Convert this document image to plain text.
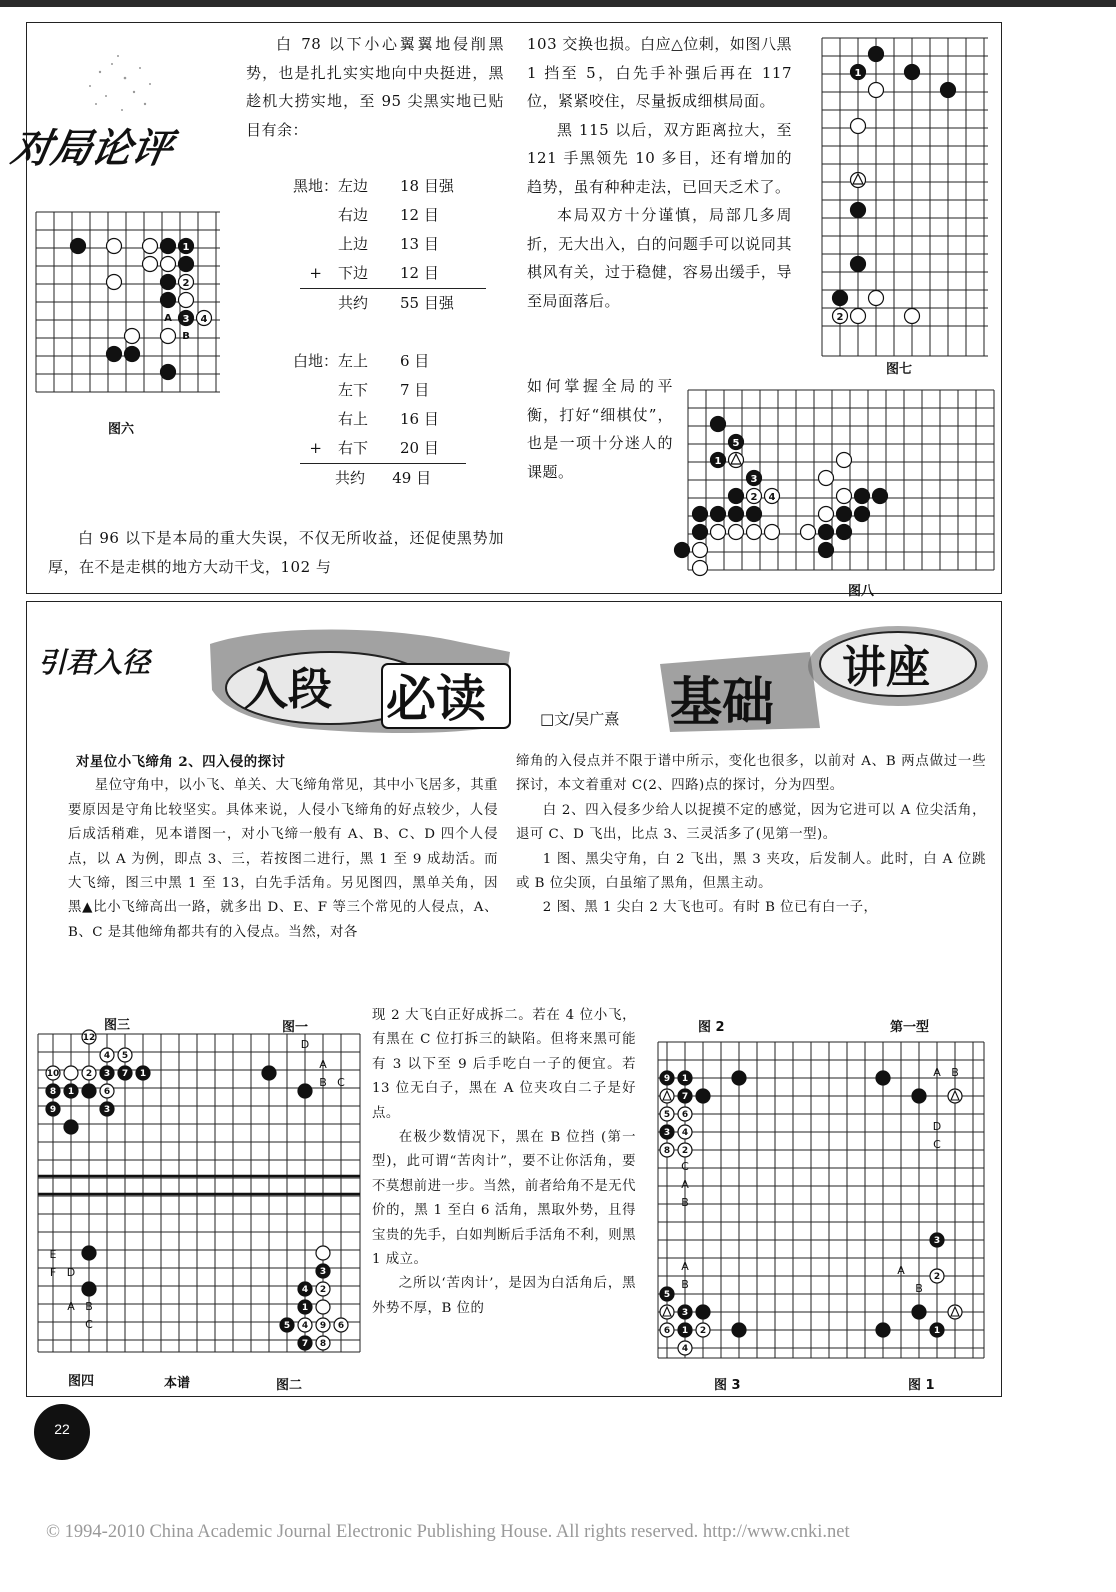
对局论评
1
2
3 4
A
B
图六

白 78 以下小心翼翼地侵削黑势，也是扎扎实实地向中央挺进，黑趁机大捞实地，至 95 尖黑实地已贴目有余：

黑地： 左边	18 目强
右边	12 目
上边	13 目
+	下边	12 目
共约	55 目强
白地： 左上	6 目
左下	7 目
右上	16 目
+	右下	20 目
共约	49 目

白 96 以下是本局的重大失误，不仅无所收益，还促使黑势加厚，在不是走棋的地方大动干戈，102 与

103 交换也损。白应△位刺，如图八黑 1 挡至 5，白先手补强后再在 117 位，紧紧咬住，尽量扳成细棋局面。

黑 115 以后，双方距离拉大，至 121 手黑领先 10 多目，还有增加的趋势，虽有种种走法，已回天乏术了。

本局双方十分谨慎，局部几多周折，无大出入，白的问题手可以说同其棋风有关，过于稳健，容易出缓手，导至局面落后。

如何掌握全局的平衡，打好“细棋仗”，也是一项十分迷人的课题。

1
2
图七
5
1
3
2 4
图八
引君入径
入段 必读	□文/吴广熹 基础
讲座

对星位小飞缔角 2、四入侵的探讨

星位守角中，以小飞、单关、大飞缔角常见，其中小飞居多，其重要原因是守角比较坚实。具体来说，人侵小飞缔角的好点较少，人侵后成活稍难，见本谱图一，对小飞缔一般有 A、B、C、D 四个人侵点，以 A 为例，即点 3、三，若按图二进行，黑 1 至 9 成劫活。而大飞缔，图三中黑 1 至 13，白先手活角。另见图四，黑单关角，因黑▲比小飞缔高出一路，就多出 D、E、F 等三个常见的人侵点，A、B、C 是其他缔角都共有的入侵点。当然，对各

缔角的入侵点并不限于谱中所示，变化也很多，以前对 A、B 两点做过一些探讨，本文着重对 C(2、四路)点的探讨，分为四型。

白 2、四入侵多少给人以捉摸不定的感觉，因为它进可以 A 位尖活角，退可 C、D 飞出，比点 3、三灵活多了(见第一型)。

1 图、黑尖守角，白 2 飞出，黑 3 夹攻，后发制人。此时，白 A 位跳或 B 位尖顶，白虽缩了黑角，但黑主动。

2 图、黑 1 尖白 2 大飞也可。有时 B 位已有白一子，

现 2 大飞白正好成拆二。若在 4 位小飞，有黑在 C 位打拆三的缺陷。但将来黑可能有 3 以下至 9 后手吃白一子的便宜。若 13 位无白子，黑在 A 位夹攻白二子是好点。

在极少数情况下，黑在 B 位挡 (第一型)，此可谓“苦肉计”，要不让你活角，要不莫想前进一步。当然，前者给角不是无代价的，黑 1 至白 6 活角，黑取外势，且得宝贵的先手，白如判断后手活角不利，则黑 1 成立。

之所以‘苦肉计’，是因为白活角后，黑外势不厚，B 位的

12
4 5
10	2 3 7 1
8 1	6
9	3
3
4 2
1
5 4 9 6
7 8
D
A
B C
E
F D
A B
C
图三	图一
图四	本谱	图二
9 1
7
5 6
3 4
8 2
3
2
5
3
6 1 2
4
1
A B
D
C
C
A
B
A
B
A
B
图 2	第一型
图 3	图 1
22
© 1994-2010 China Academic Journal Electronic Publishing House. All rights reserved. http://www.cnki.net
